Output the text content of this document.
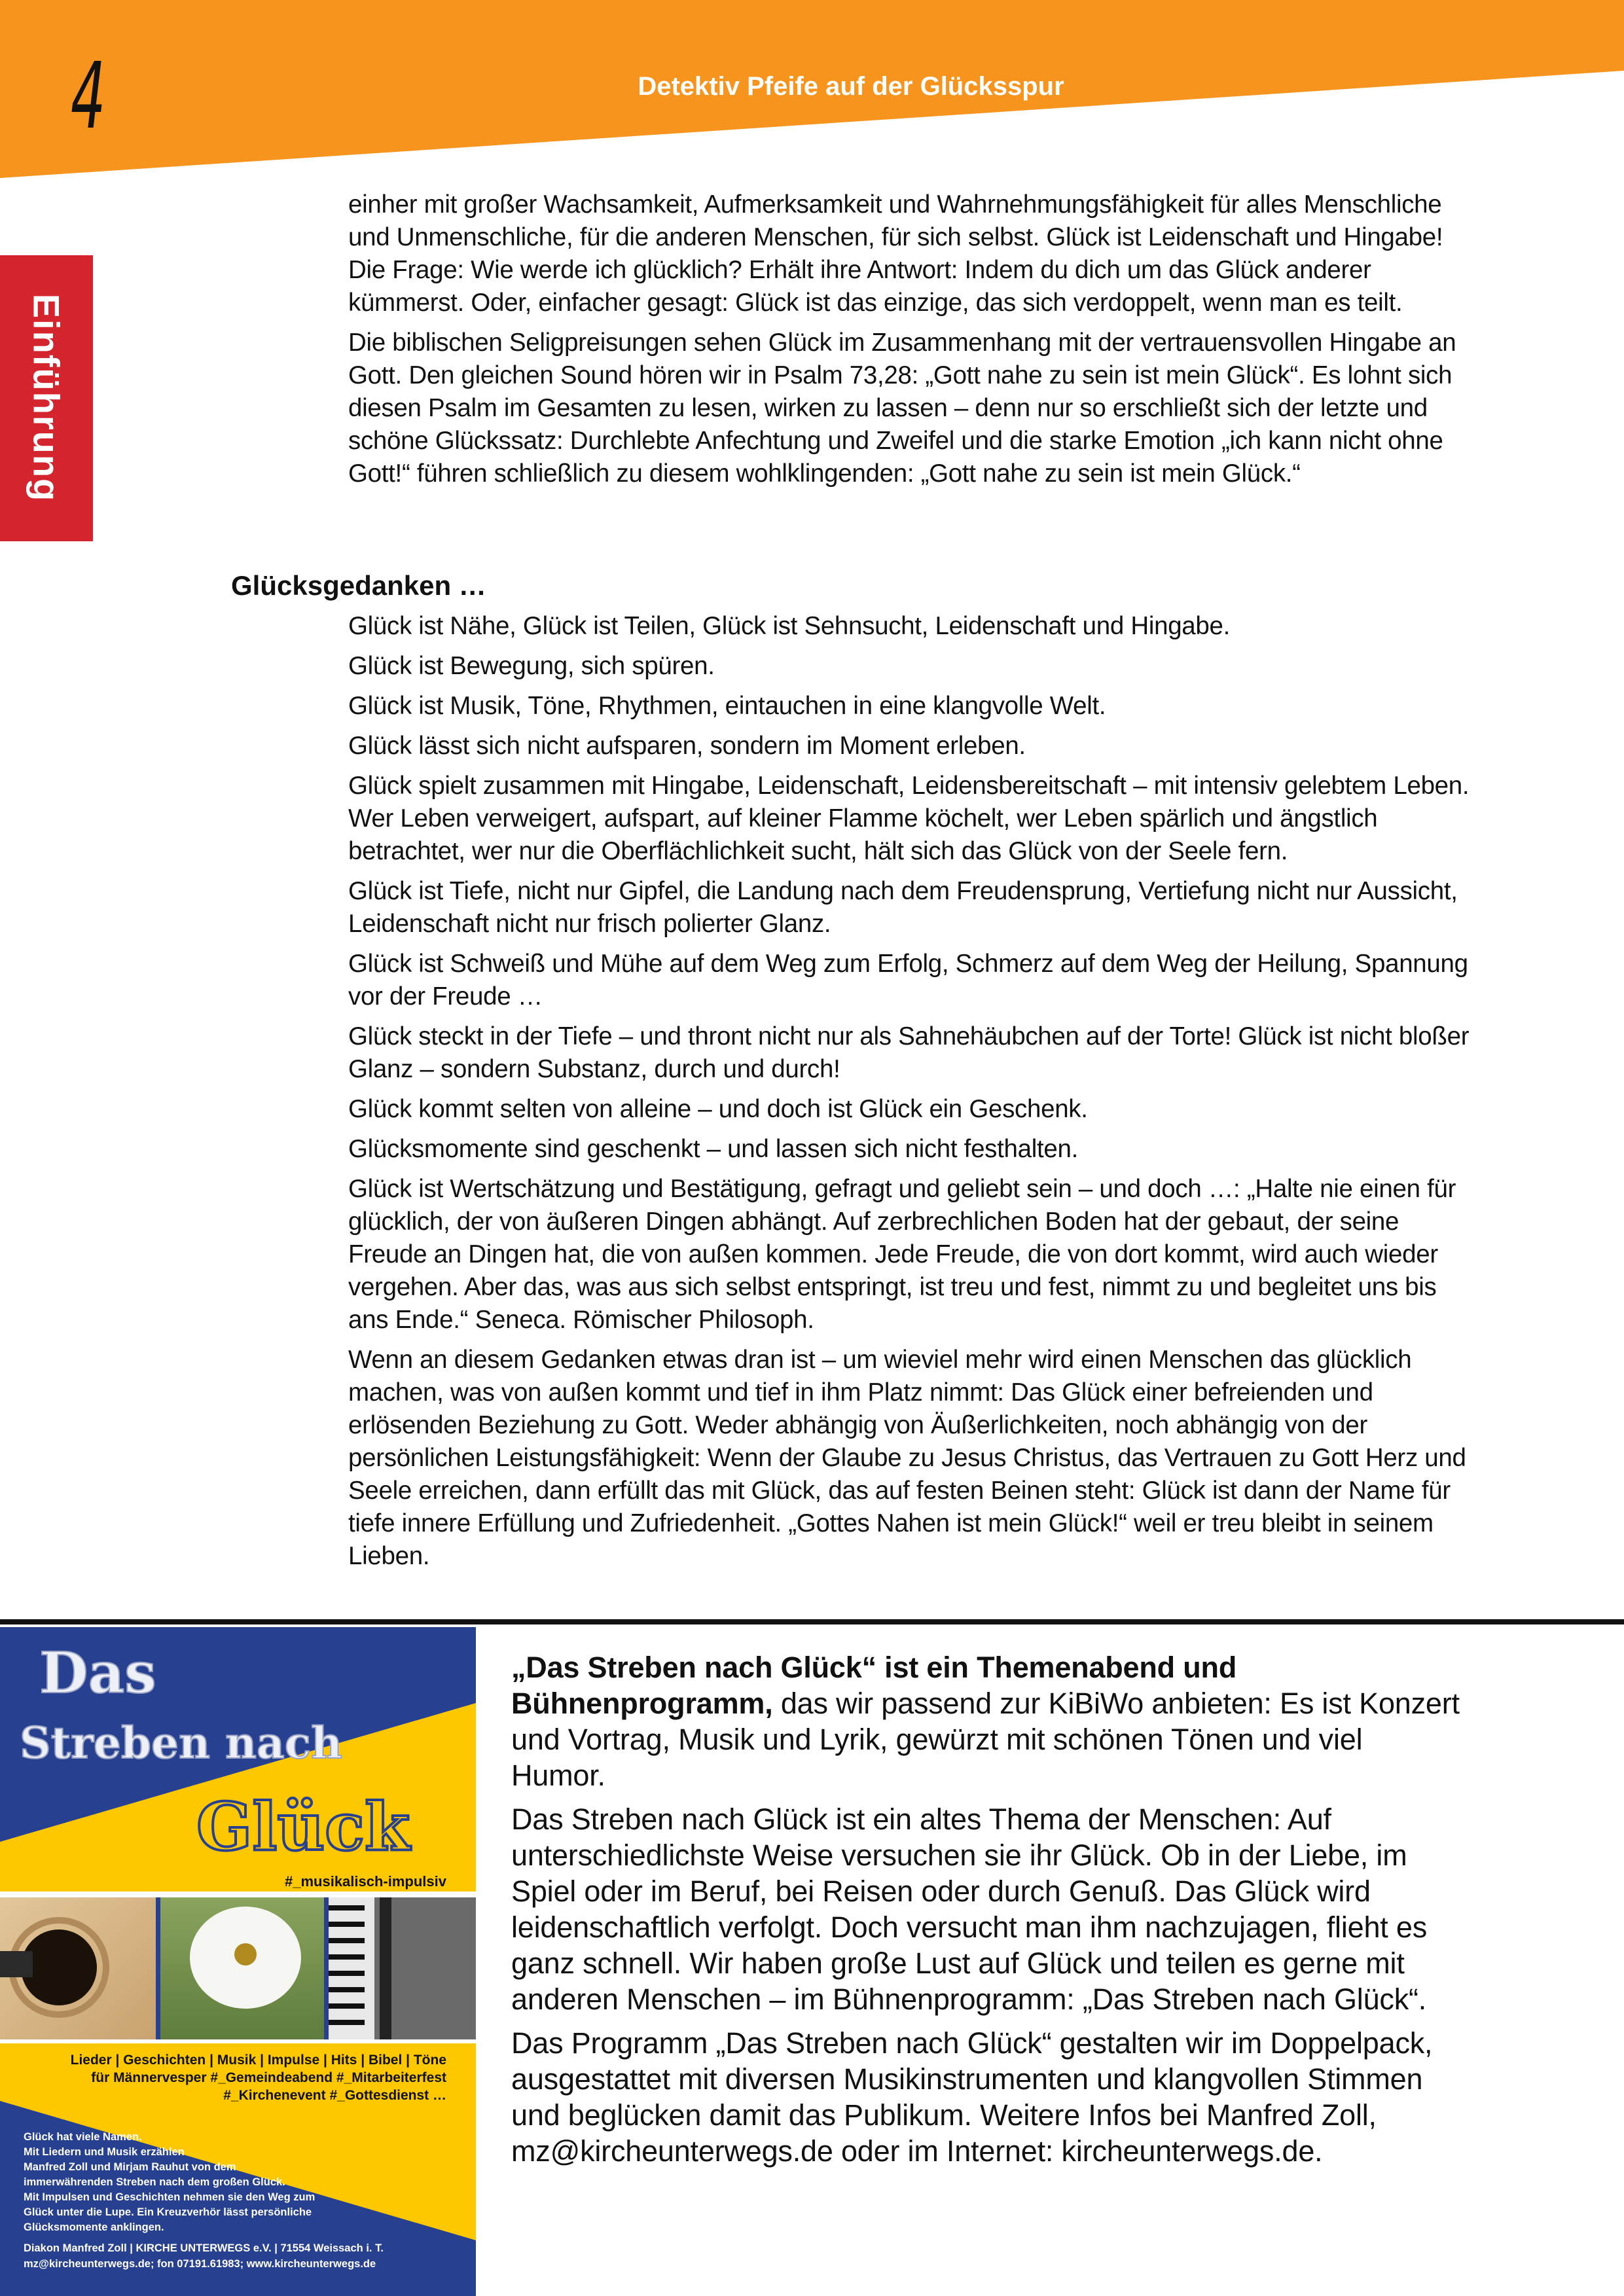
4	Detektiv Pfeife auf der Glücksspur
Einführung

einher mit großer Wachsamkeit, Aufmerksamkeit und Wahrnehmungsfähigkeit für alles Menschliche und Unmenschliche, für die anderen Menschen, für sich selbst. Glück ist Leidenschaft und Hingabe! Die Frage: Wie werde ich glücklich? Erhält ihre Antwort: Indem du dich um das Glück anderer kümmerst. Oder, einfacher gesagt: Glück ist das einzige, das sich verdoppelt, wenn man es teilt.

Die biblischen Seligpreisungen sehen Glück im Zusammenhang mit der vertrauensvollen Hingabe an Gott. Den gleichen Sound hören wir in Psalm 73,28: „Gott nahe zu sein ist mein Glück“. Es lohnt sich diesen Psalm im Gesamten zu lesen, wirken zu lassen – denn nur so erschließt sich der letzte und schöne Glückssatz: Durchlebte Anfechtung und Zweifel und die starke Emotion „ich kann nicht ohne Gott!“ führen schließlich zu diesem wohlklingenden: „Gott nahe zu sein ist mein Glück.“

Glücksgedanken …

Glück ist Nähe, Glück ist Teilen, Glück ist Sehnsucht, Leidenschaft und Hingabe.

Glück ist Bewegung, sich spüren.

Glück ist Musik, Töne, Rhythmen, eintauchen in eine klangvolle Welt.

Glück lässt sich nicht aufsparen, sondern im Moment erleben.

Glück spielt zusammen mit Hingabe, Leidenschaft, Leidensbereitschaft – mit intensiv gelebtem Leben. Wer Leben verweigert, aufspart, auf kleiner Flamme köchelt, wer Leben spärlich und ängstlich betrachtet, wer nur die Oberflächlichkeit sucht, hält sich das Glück von der Seele fern.

Glück ist Tiefe, nicht nur Gipfel, die Landung nach dem Freudensprung, Vertiefung nicht nur Aussicht, Leidenschaft nicht nur frisch polierter Glanz.

Glück ist Schweiß und Mühe auf dem Weg zum Erfolg, Schmerz auf dem Weg der Heilung, Spannung vor der Freude …

Glück steckt in der Tiefe – und thront nicht nur als Sahnehäubchen auf der Torte! Glück ist nicht bloßer Glanz – sondern Substanz, durch und durch!

Glück kommt selten von alleine – und doch ist Glück ein Geschenk.

Glücksmomente sind geschenkt – und lassen sich nicht festhalten.

Glück ist Wertschätzung und Bestätigung, gefragt und geliebt sein – und doch …: „Halte nie einen für glücklich, der von äußeren Dingen abhängt. Auf zerbrechlichen Boden hat der gebaut, der seine Freude an Dingen hat, die von außen kommen. Jede Freude, die von dort kommt, wird auch wieder vergehen. Aber das, was aus sich selbst entspringt, ist treu und fest, nimmt zu und begleitet uns bis ans Ende.“ Seneca. Römischer Philosoph.

Wenn an diesem Gedanken etwas dran ist – um wieviel mehr wird einen Menschen das glücklich machen, was von außen kommt und tief in ihm Platz nimmt: Das Glück einer befreienden und erlösenden Beziehung zu Gott. Weder abhängig von Äußerlichkeiten, noch abhängig von der persönlichen Leistungsfähigkeit: Wenn der Glaube zu Jesus Christus, das Vertrauen zu Gott Herz und Seele erreichen, dann erfüllt das mit Glück, das auf festen Beinen steht: Glück ist dann der Name für tiefe innere Erfüllung und Zufriedenheit. „Gottes Nahen ist mein Glück!“ weil er treu bleibt in seinem Lieben.

Das
Streben nach
Glück
#_musikalisch-impulsiv
Lieder | Geschichten | Musik | Impulse | Hits | Bibel | Töne
für Männervesper #_Gemeindeabend #_Mitarbeiterfest
#_Kirchenevent #_Gottesdienst …
Glück hat viele Namen.
Mit Liedern und Musik erzählen
Manfred Zoll und Mirjam Rauhut von dem
immerwährenden Streben nach dem großen Glück.
Mit Impulsen und Geschichten nehmen sie den Weg zum
Glück unter die Lupe. Ein Kreuzverhör lässt persönliche
Glücksmomente anklingen.
Diakon Manfred Zoll | KIRCHE UNTERWEGS e.V. | 71554 Weissach i. T.
mz@kircheunterwegs.de; fon 07191.61983; www.kircheunterwegs.de

„Das Streben nach Glück“ ist ein Themenabend und Bühnenprogramm, das wir passend zur KiBiWo anbieten: Es ist Konzert und Vortrag, Musik und Lyrik, gewürzt mit schönen Tönen und viel Humor.

Das Streben nach Glück ist ein altes Thema der Menschen: Auf unterschiedlichste Weise versuchen sie ihr Glück. Ob in der Liebe, im Spiel oder im Beruf, bei Reisen oder durch Genuß. Das Glück wird leidenschaftlich verfolgt. Doch versucht man ihm nachzujagen, flieht es ganz schnell. Wir haben große Lust auf Glück und teilen es gerne mit anderen Menschen – im Bühnenprogramm: „Das Streben nach Glück“.

Das Programm „Das Streben nach Glück“ gestalten wir im Doppelpack, ausgestattet mit diversen Musikinstrumenten und klangvollen Stimmen und beglücken damit das Publikum. Weitere Infos bei Manfred Zoll, mz@kircheunterwegs.de oder im Internet: kircheunterwegs.de.
